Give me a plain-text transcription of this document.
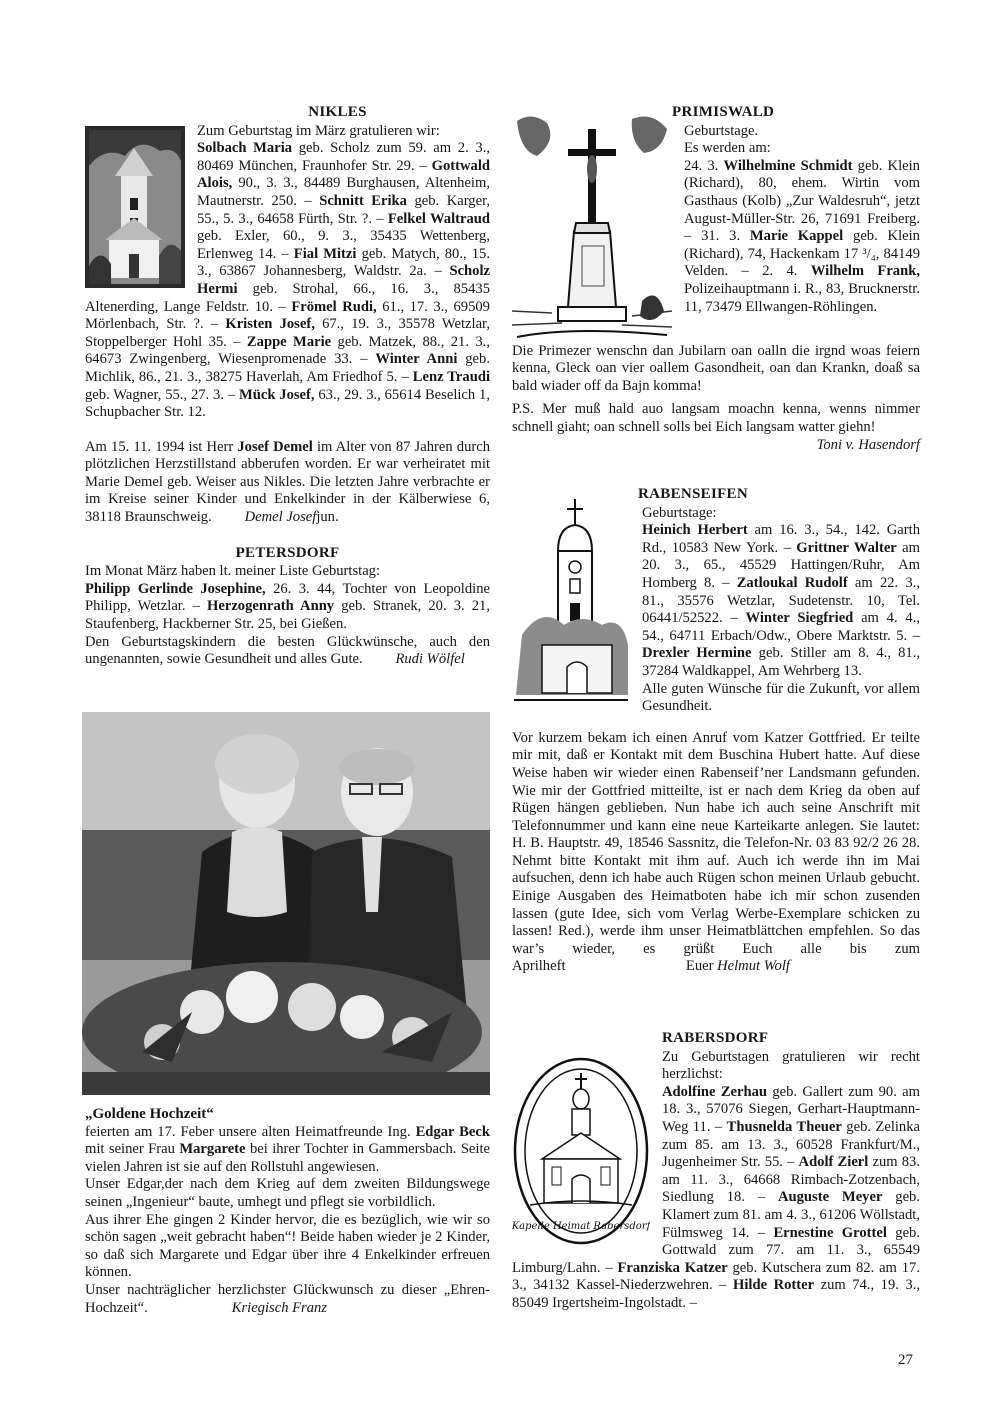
NIKLES

Zum Geburtstag im März gratulieren wir:

Solbach Maria geb. Scholz zum 59. am 2. 3., 80469 München, Fraunhofer Str. 29. – Gottwald Alois, 90., 3. 3., 84489 Burghausen, Altenheim, Mautnerstr. 250. – Schnitt Erika geb. Karger, 55., 5. 3., 64658 Fürth, Str. ?. – Felkel Waltraud geb. Exler, 60., 9. 3., 35435 Wettenberg, Erlenweg 14. – Fial Mitzi geb. Matych, 80., 15. 3., 63867 Johannesberg, Waldstr. 2a. – Scholz Hermi geb. Strohal, 66., 16. 3., 85435 Altenerding, Lange Feldstr. 10. – Frömel Rudi, 61., 17. 3., 69509 Mörlenbach, Str. ?. – Kristen Josef, 67., 19. 3., 35578 Wetzlar, Stoppelberger Hohl 35. – Zappe Marie geb. Matzek, 88., 21. 3., 64673 Zwingenberg, Wiesenpromenade 33. – Winter Anni geb. Michlik, 86., 21. 3., 38275 Haverlah, Am Friedhof 5. – Lenz Traudi geb. Wagner, 55., 27. 3. – Mück Josef, 63., 29. 3., 65614 Beselich 1, Schupbacher Str. 12.

Am 15. 11. 1994 ist Herr Josef Demel im Alter von 87 Jahren durch plötzlichen Herzstillstand abberufen worden. Er war verheiratet mit Marie Demel geb. Weiser aus Nikles. Die letzten Jahre verbrachte er im Kreise seiner Kinder und Enkelkinder in der Kälberwiese 6, 38118 Braunschweig. Demel Josefjun.

PETERSDORF

Im Monat März haben lt. meiner Liste Geburtstag:

Philipp Gerlinde Josephine, 26. 3. 44, Tochter von Leopoldine Philipp, Wetzlar. – Herzogenrath Anny geb. Stranek, 20. 3. 21, Staufenberg, Hackberner Str. 25, bei Gießen.

Den Geburtstagskindern die besten Glückwünsche, auch den ungenannten, sowie Gesundheit und alles Gute. Rudi Wölfel

„Goldene Hochzeit“

feierten am 17. Feber unsere alten Heimatfreunde Ing. Edgar Beck mit seiner Frau Margarete bei ihrer Tochter in Gammersbach. Seite vielen Jahren ist sie auf den Rollstuhl angewiesen.

Unser Edgar,der nach dem Krieg auf dem zweiten Bildungswege seinen „Ingenieur“ baute, umhegt und pflegt sie vorbildlich.

Aus ihrer Ehe gingen 2 Kinder hervor, die es bezüglich, wie wir so schön sagen „weit gebracht haben“! Beide haben wieder je 2 Kinder, so daß sich Margarete und Edgar über ihre 4 Enkelkinder erfreuen können.

Unser nachträglicher herzlichster Glückwunsch zu dieser „Ehren-Hochzeit“.	Kriegisch Franz

PRIMISWALD

Geburtstage.

Es werden am:

24. 3. Wilhelmine Schmidt geb. Klein (Richard), 80, ehem. Wirtin vom Gasthaus (Kolb) „Zur Waldesruh“, jetzt August-Müller-Str. 26, 71691 Freiberg. – 31. 3. Marie Kappel geb. Klein (Richard), 74, Hackenkam 17 ³/₄, 84149 Velden. – 2. 4. Wilhelm Frank, Polizeihauptmann i. R., 83, Brucknerstr. 11, 73479 Ellwangen-Röhlingen.

Die Primezer wenschn dan Jubilarn oan oalln die irgnd woas feiern kenna, Gleck oan vier oallem Gasondheit, oan dan Krankn, doaß sa bald wiader off da Bajn komma!

P.S. Mer muß hald auo langsam moachn kenna, wenns nimmer schnell giaht; oan schnell solls bei Eich langsam watter giehn!

Toni v. Hasendorf

RABENSEIFEN

Geburtstage:

Heinich Herbert am 16. 3., 54., 142. Garth Rd., 10583 New York. – Grittner Walter am 20. 3., 65., 45529 Hattingen/Ruhr, Am Homberg 8. – Zatloukal Rudolf am 22. 3., 81., 35576 Wetzlar, Sudetenstr. 10, Tel. 06441/52522. – Winter Siegfried am 4. 4., 54., 64711 Erbach/Odw., Obere Marktstr. 5. – Drexler Hermine geb. Stiller am 8. 4., 81., 37284 Waldkappel, Am Wehrberg 13.

Alle guten Wünsche für die Zukunft, vor allem Gesundheit.

Vor kurzem bekam ich einen Anruf vom Katzer Gottfried. Er teilte mir mit, daß er Kontakt mit dem Buschina Hubert hatte. Auf diese Weise haben wir wieder einen Rabenseif’ner Landsmann gefunden. Wie mir der Gottfried mitteilte, ist er nach dem Krieg da oben auf Rügen hängen geblieben. Nun habe ich auch seine Anschrift mit Telefonnummer und kann eine neue Karteikarte anlegen. Sie lautet: H. B. Hauptstr. 49, 18546 Sassnitz, die Telefon-Nr. 03 83 92/2 26 28. Nehmt bitte Kontakt mit ihm auf. Auch ich werde ihn im Mai aufsuchen, denn ich habe auch Rügen schon meinen Urlaub gebucht. Einige Ausgaben des Heimatboten habe ich mir schon zusenden lassen (gute Idee, sich vom Verlag Werbe-Exemplare schicken zu lassen! Red.), werde ihm unser Heimatblättchen empfehlen. So das war’s wieder, es grüßt Euch alle bis zum Aprilheft	Euer Helmut Wolf

RABERSDORF
Kapelle Heimat Rabersdorf

Zu Geburtstagen gratulieren wir recht herzlichst:

Adolfine Zerhau geb. Gallert zum 90. am 18. 3., 57076 Siegen, Gerhart-Hauptmann-Weg 11. – Thusnelda Theuer geb. Zelinka zum 85. am 13. 3., 60528 Frankfurt/M., Jugenheimer Str. 55. – Adolf Zierl zum 83. am 11. 3., 64668 Rimbach-Zotzenbach, Siedlung 18. – Auguste Meyer geb. Klamert zum 81. am 4. 3., 61206 Wöllstadt, Fülmsweg 14. – Ernestine Grottel geb. Gottwald zum 77. am 11. 3., 65549 Limburg/Lahn. – Franziska Katzer geb. Kutschera zum 82. am 17. 3., 34132 Kassel-Niederzwehren. – Hilde Rotter zum 74., 19. 3., 85049 Irgertsheim-Ingolstadt. –

27
